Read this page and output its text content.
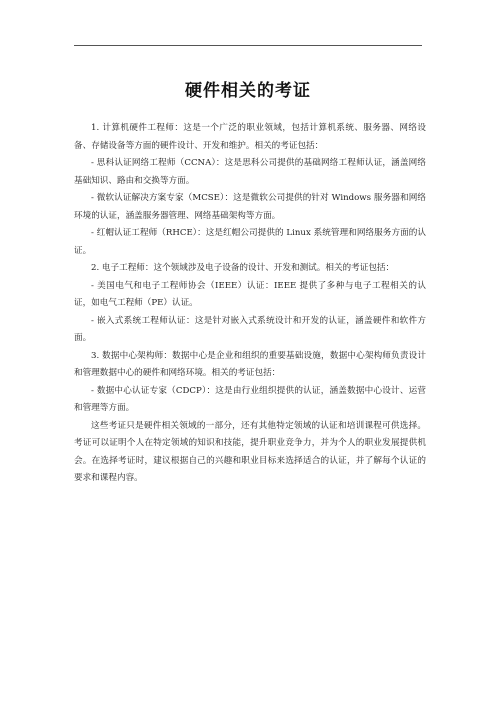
硬件相关的考证

1. 计算机硬件工程师：这是一个广泛的职业领域，包括计算机系统、服务器、网络设备、存储设备等方面的硬件设计、开发和维护。相关的考证包括：

- 思科认证网络工程师（CCNA）：这是思科公司提供的基础网络工程师认证，涵盖网络基础知识、路由和交换等方面。

- 微软认证解决方案专家（MCSE）：这是微软公司提供的针对 Windows 服务器和网络环境的认证，涵盖服务器管理、网络基础架构等方面。

- 红帽认证工程师（RHCE）：这是红帽公司提供的 Linux 系统管理和网络服务方面的认证。

2. 电子工程师：这个领域涉及电子设备的设计、开发和测试。相关的考证包括：

- 美国电气和电子工程师协会（IEEE）认证：IEEE 提供了多种与电子工程相关的认证，如电气工程师（PE）认证。

- 嵌入式系统工程师认证：这是针对嵌入式系统设计和开发的认证，涵盖硬件和软件方面。

3. 数据中心架构师：数据中心是企业和组织的重要基础设施，数据中心架构师负责设计和管理数据中心的硬件和网络环境。相关的考证包括：

- 数据中心认证专家（CDCP）：这是由行业组织提供的认证，涵盖数据中心设计、运营和管理等方面。

这些考证只是硬件相关领域的一部分，还有其他特定领域的认证和培训课程可供选择。考证可以证明个人在特定领域的知识和技能，提升职业竞争力，并为个人的职业发展提供机会。在选择考证时，建议根据自己的兴趣和职业目标来选择适合的认证，并了解每个认证的要求和课程内容。
